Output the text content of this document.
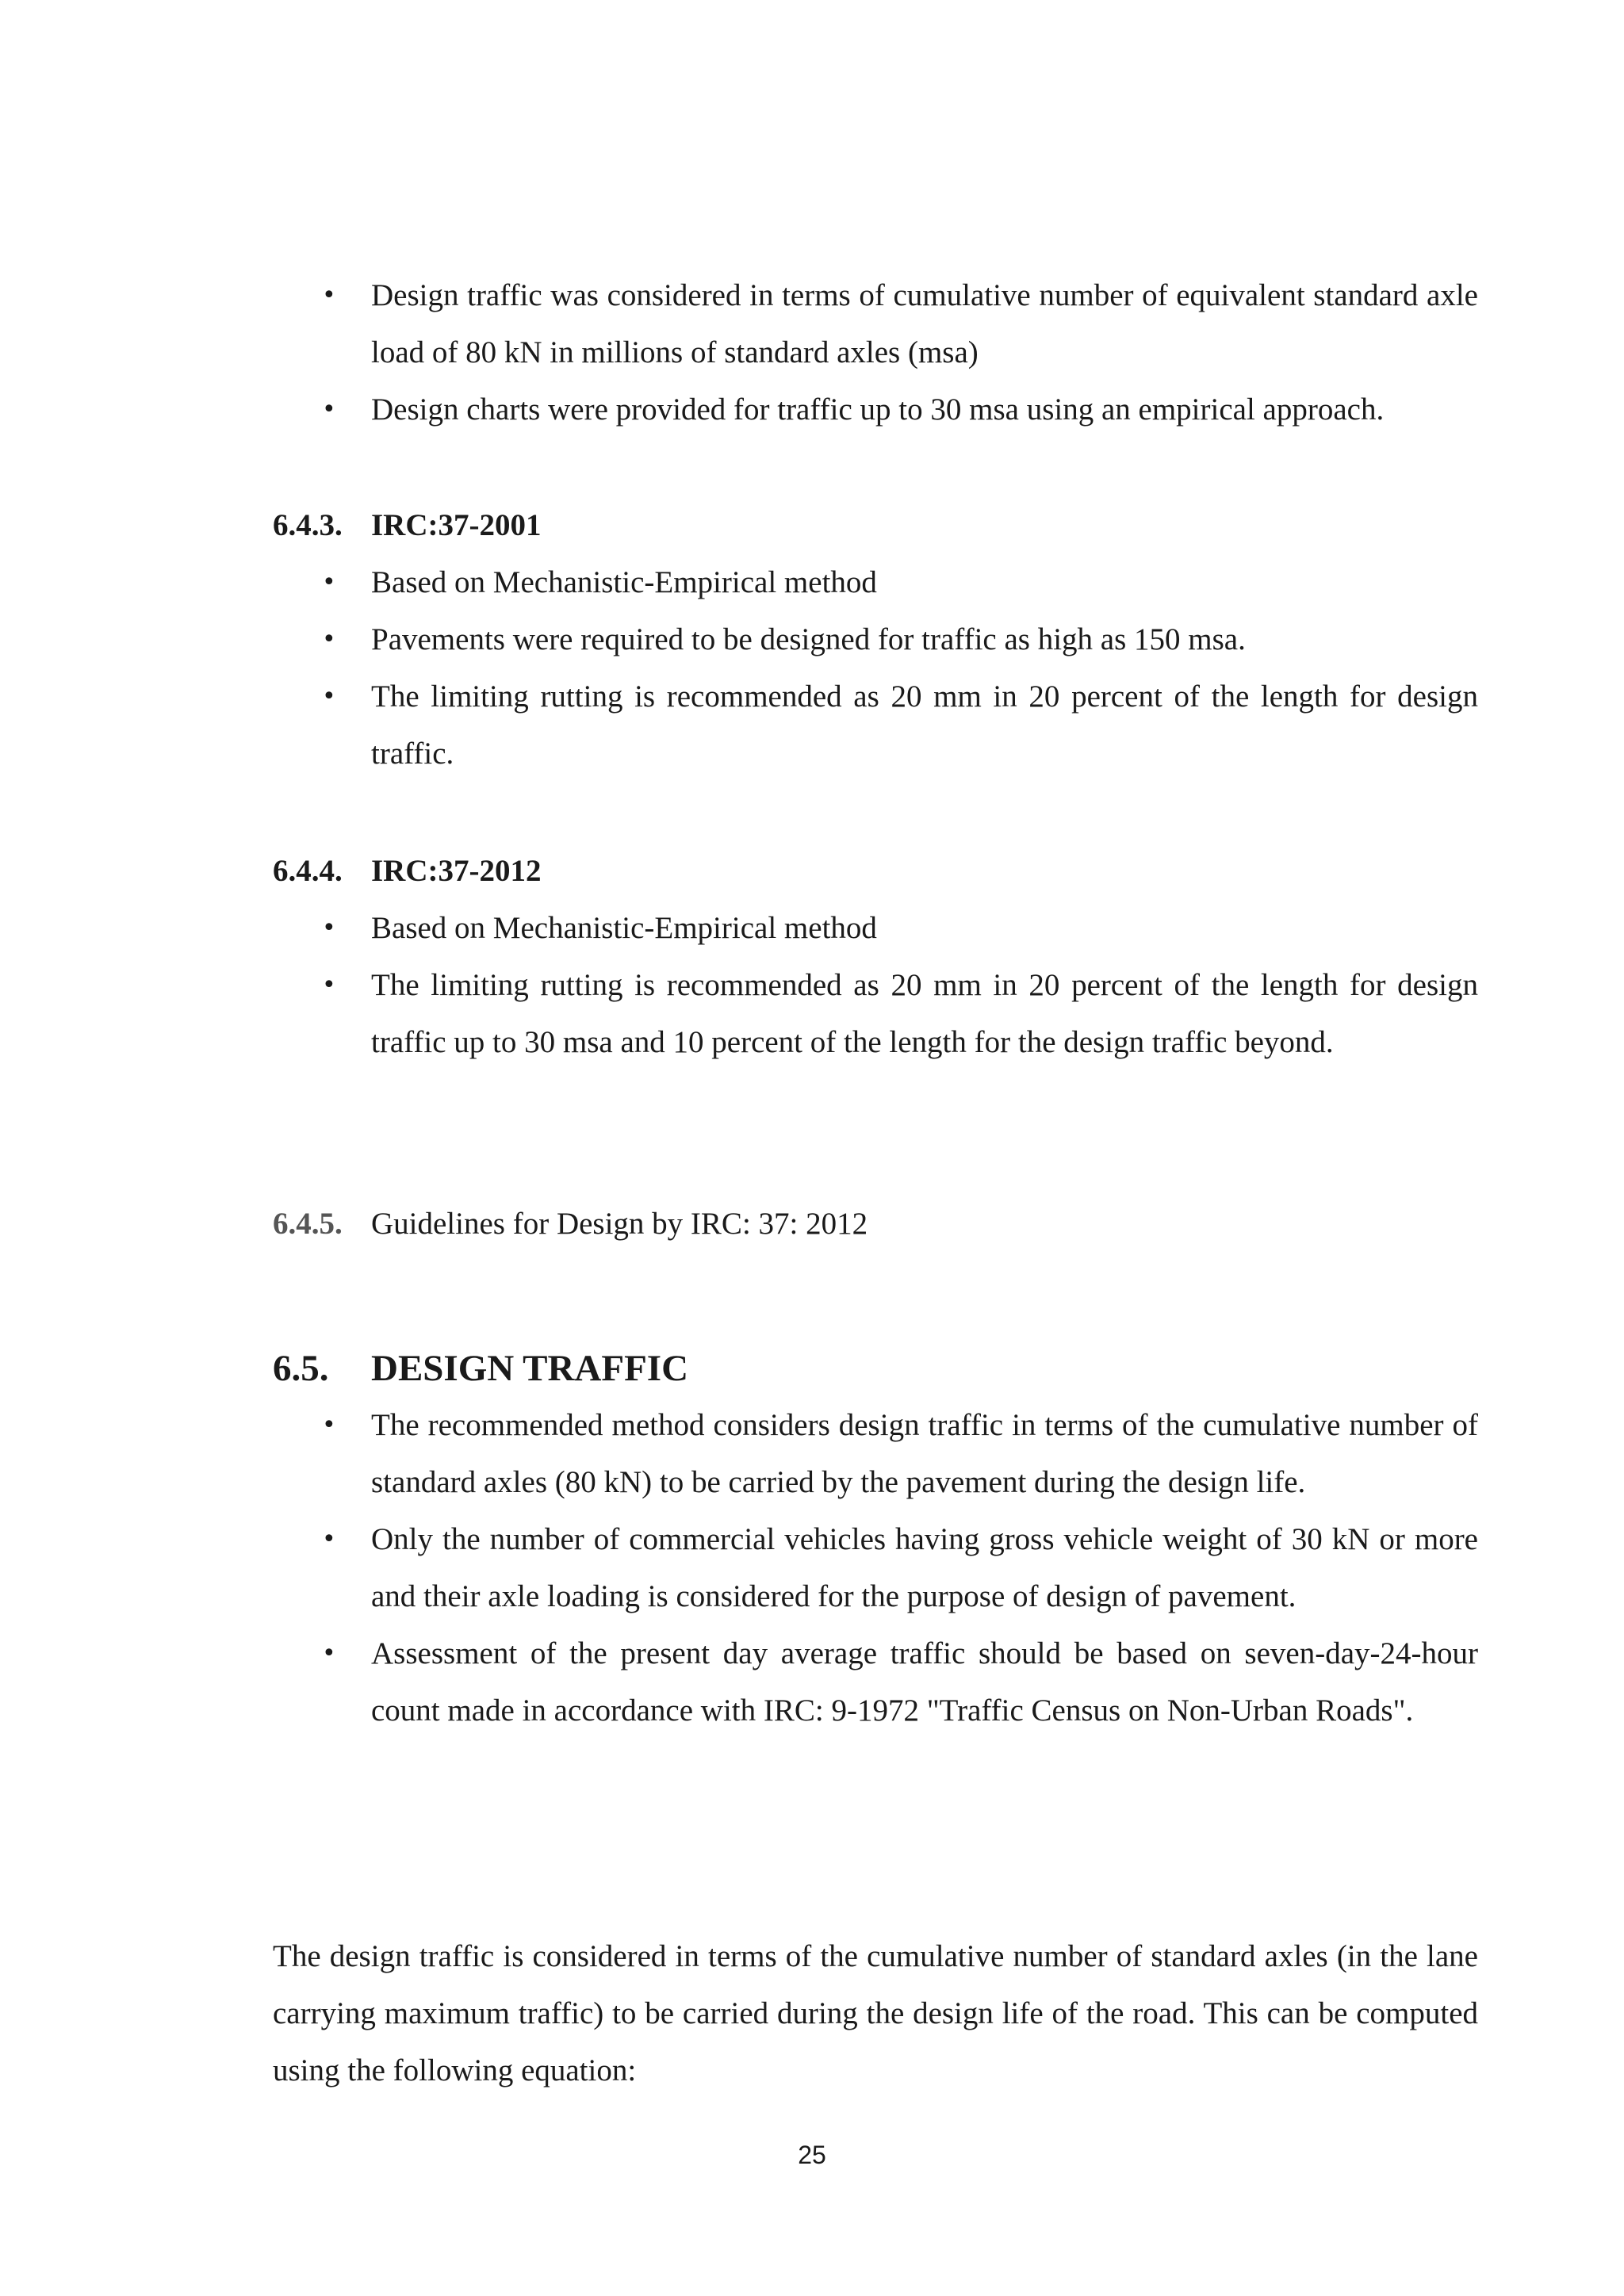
• Design traffic was considered in terms of cumulative number of equivalent standard axle load of 80 kN in millions of standard axles (msa)
• Design charts were provided for traffic up to 30 msa using an empirical approach.
6.4.3. IRC:37-2001
• Based on Mechanistic-Empirical method
• Pavements were required to be designed for traffic as high as 150 msa.
• The limiting rutting is recommended as 20 mm in 20 percent of the length for design traffic.
6.4.4. IRC:37-2012
• Based on Mechanistic-Empirical method
• The limiting rutting is recommended as 20 mm in 20 percent of the length for design traffic up to 30 msa and 10 percent of the length for the design traffic beyond.
6.4.5. Guidelines for Design by IRC: 37: 2012
6.5. DESIGN TRAFFIC
• The recommended method considers design traffic in terms of the cumulative number of standard axles (80 kN) to be carried by the pavement during the design life.
• Only the number of commercial vehicles having gross vehicle weight of 30 kN or more and their axle loading is considered for the purpose of design of pavement.
• Assessment of the present day average traffic should be based on seven-day-24-hour count made in accordance with IRC: 9-1972 "Traffic Census on Non-Urban Roads".
The design traffic is considered in terms of the cumulative number of standard axles (in the lane carrying maximum traffic) to be carried during the design life of the road. This can be computed using the following equation:
25
